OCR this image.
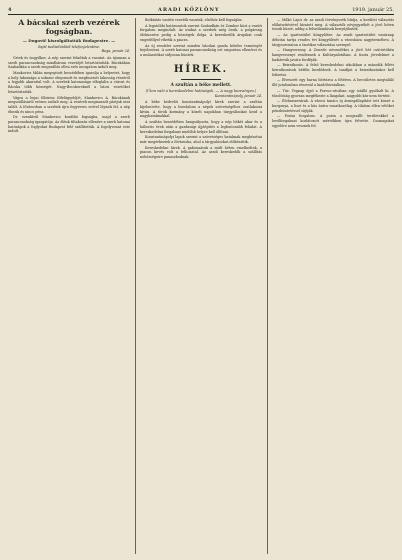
4	ARADI KÖZLÖNY	1919. január 25.
A bácskai szerb vezérek fogságban.
— Dugovič kiszolgáltatták Budapestre. —
Saját tudósítónktól telefonjelentése.
Bega, január 24.

Grtek és öngyilkos. A nép szerint feladtak a vasutat. Az újonnan a szerb parancsnokság mindhárom vezetőjét letartóztatták. Bácskában Szabadkán a szerb megszállás ellen erős mozgalom indult meg.

Mankovics Milán megnyitott beszédében igazolja a helyzetet, hogy a hely lakossága a sokszor elnyomott és megfosztott lakosság részéről a legjobb akarattal volt. A szerbek katonasága elfoglalta a várost és Bácska több községét. Nagy-Becskereknél a bácsi vezetőket letartóztatták.

Vágra a bejai főbiztos főfelügyelőjét, Mankovics A. Bácskának megszállásáról erősen szólalt meg. A vezérek megmaradt pártjuk utat talált. A fővárosban a szerbek újra fegyveres erővel lépnek fel, a nép éhezik és nincs pénz.

Dr. ezenkívül Mankovics korábbi fogságba, majd a szerb parancsnokság igazgatója. Az élénk tiltakozás ellenére a szerb katonai hatóságok a foglyokat Budapest felé szállították. A fogolyvonat este indult.

Beiktatás vasútti vezetők vasutak, elsőhöz kell fogságba.

A legutóbbi határozatok szerint Szabadkán és Zombor közt a vasúti forgalom megindult. Az utakat a szerbek még őrzik, a polgárság élelmezése pedig a községek dolga. A kereskedők árujukat csak engedéllyel vihetik a piacra.

Az új rendelet szerint minden bácskai gazda köteles terményét bejelenteni. A szerb katonai parancsnokság ezt szigorúan ellenőrzi és a mulasztókat súlyosan bünteti.

HÍREK.
A szultán a béke mellett.
(Úton való a kereskedelmi hatóságok. — A nagy kiesvényes.)
Konstantinápoly, január 24.

A béke kedvelői konstantinápolyi hírek szerint a szultán kijelentette, hogy a birodalom a népek szövetségéhez csatlakozni kíván. A török kormány a közeli napokban tárgyalásokat kezd a nagyhatalmakkal.

A szultán beszédében hangsúlyozta, hogy a nép békét akar és a háborús évek után a gazdasági újjáépítés a legfontosabb feladat. A kereskedelmi forgalmat mielőbb helyre kell állítani.

Konstantinápolyi lapok szerint a szövetséges hatalmak megbízottai már megérkeztek a fővárosba, ahol a tárgyalásokat előkészítik.

Kereskedelmi hírek. A gabonaárak a múlt héten emelkedtek, a piacon kevés volt a felhozatal. Az aradi kereskedők a szállítás nehézségeire panaszkodnak.

— Milkó Lajos dr. az aradi törvényszék bírája, a kerületi választás előkészítésével bízatott meg. A választók névjegyzékét a jövő héten teszik közzé, addig a felszólamlások benyújthatók.

— Az ipartestület közgyűlése. Az aradi ipartestület vasárnap délután tartja rendes évi közgyűlését a városháza nagytermében. A tárgysorozaton a tisztikar választása szerepel.

— Hangverseny. A Zenede növendékei a jövő hét csütörtökén hangversenyt rendeznek a Kultúrpalotában. A tiszta jövedelmet a hadiárvák javára fordítják.

— Beiratkozás. A felső kereskedelmi iskolában a második félévi beiratkozások hétfőn kezdődnek. A tandíjat a beiratkozáskor kell lefizetni.

— Elveszett egy barna bőrtárca a főtéren. A becsületes megtaláló illő jutalomban részesül a kiadóhivatalban.

— Tűz. Tegnap éjjel a Ferenc-utcában egy istálló gyulladt ki. A tűzoltóság gyorsan megfékezte a lángokat, nagyobb kár nem történt.

— Élelmiszerárak. A városi tanács új ármegállapítást tett közzé a burgonya, a liszt és a hús árára vonatkozólag. A tilalom ellen vétőket pénzbüntetéssel sújtják.

— Postai forgalom. A posta a megszállt területekkel a levélforgalmat korlátozott mértékben újra felvette. Csomagokat egyelőre nem vesznek fel.
